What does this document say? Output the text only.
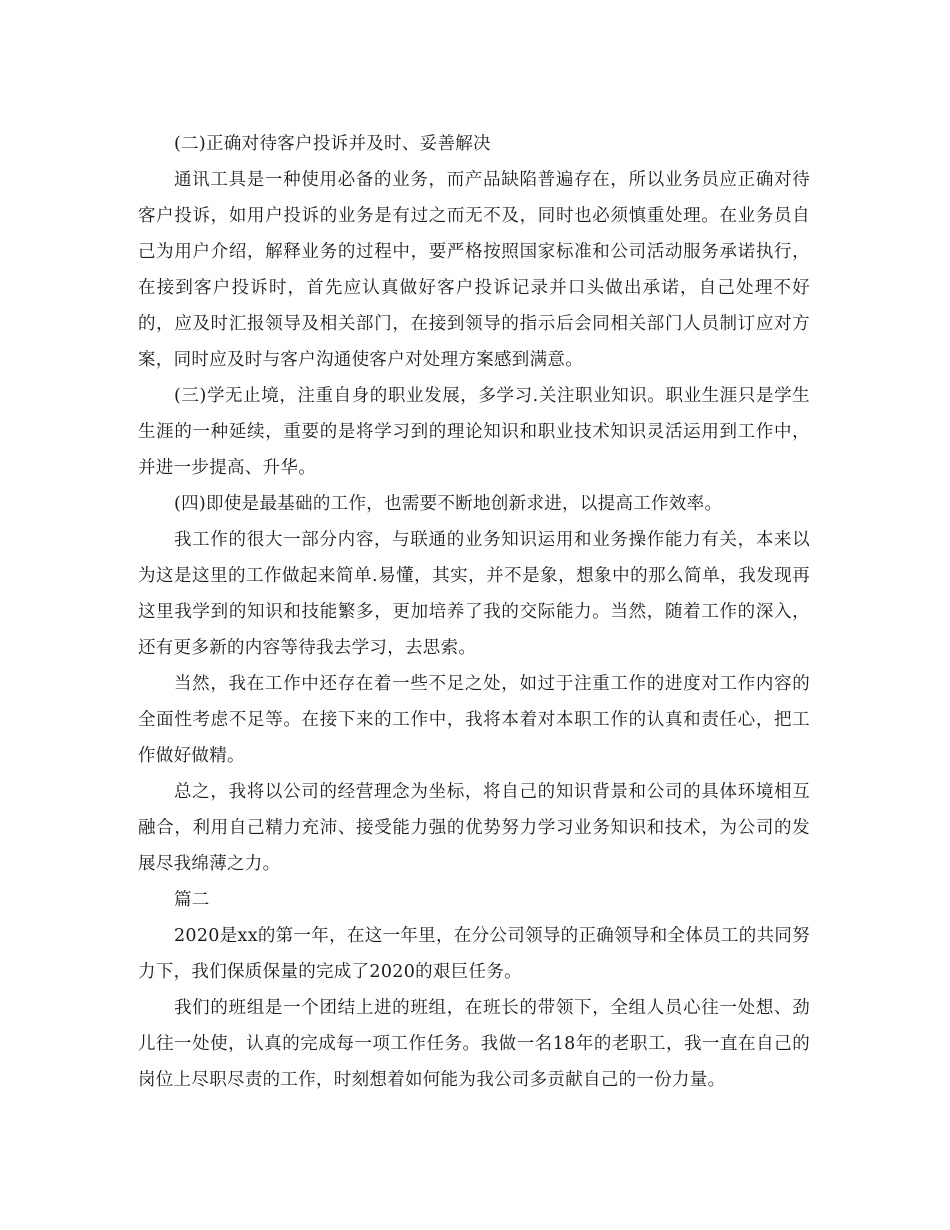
(二)正确对待客户投诉并及时、妥善解决

通讯工具是一种使用必备的业务，而产品缺陷普遍存在，所以业务员应正确对待客户投诉，如用户投诉的业务是有过之而无不及，同时也必须慎重处理。在业务员自己为用户介绍，解释业务的过程中，要严格按照国家标准和公司活动服务承诺执行，在接到客户投诉时，首先应认真做好客户投诉记录并口头做出承诺，自己处理不好的，应及时汇报领导及相关部门，在接到领导的指示后会同相关部门人员制订应对方案，同时应及时与客户沟通使客户对处理方案感到满意。

(三)学无止境，注重自身的职业发展，多学习.关注职业知识。职业生涯只是学生生涯的一种延续，重要的是将学习到的理论知识和职业技术知识灵活运用到工作中，并进一步提高、升华。

(四)即使是最基础的工作，也需要不断地创新求进，以提高工作效率。

我工作的很大一部分内容，与联通的业务知识运用和业务操作能力有关，本来以为这是这里的工作做起来简单.易懂，其实，并不是象，想象中的那么简单，我发现再这里我学到的知识和技能繁多，更加培养了我的交际能力。当然，随着工作的深入，还有更多新的内容等待我去学习，去思索。

当然，我在工作中还存在着一些不足之处，如过于注重工作的进度对工作内容的全面性考虑不足等。在接下来的工作中，我将本着对本职工作的认真和责任心，把工作做好做精。

总之，我将以公司的经营理念为坐标，将自己的知识背景和公司的具体环境相互融合，利用自己精力充沛、接受能力强的优势努力学习业务知识和技术，为公司的发展尽我绵薄之力。

篇二

2020是xx的第一年，在这一年里，在分公司领导的正确领导和全体员工的共同努力下，我们保质保量的完成了2020的艰巨任务。

我们的班组是一个团结上进的班组，在班长的带领下，全组人员心往一处想、劲儿往一处使，认真的完成每一项工作任务。我做一名18年的老职工，我一直在自己的岗位上尽职尽责的工作，时刻想着如何能为我公司多贡献自己的一份力量。
